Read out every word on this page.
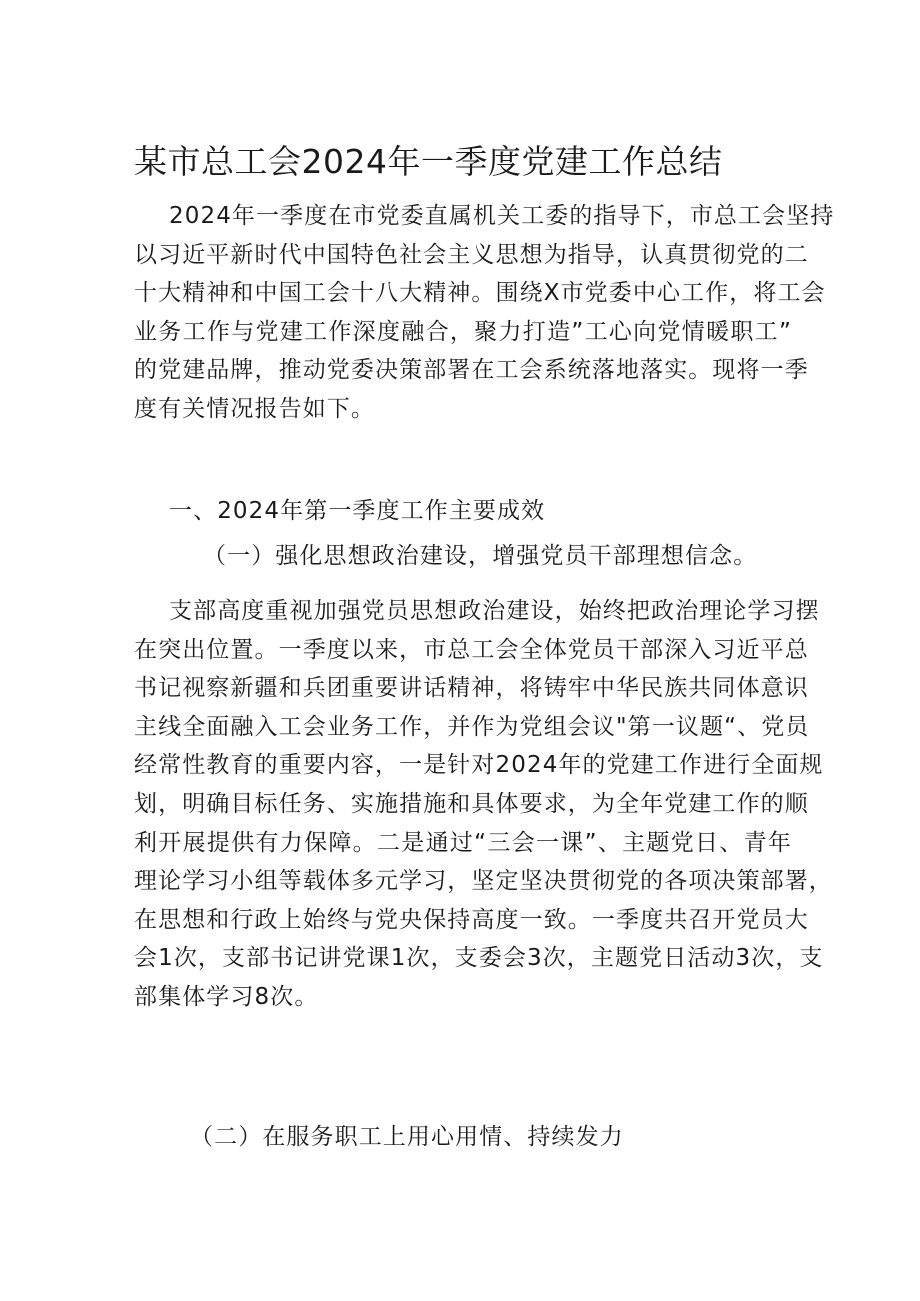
某市总工会2024年一季度党建工作总结
2024年一季度在市党委直属机关工委的指导下，市总工会坚持
以习近平新时代中国特色社会主义思想为指导，认真贯彻党的二
十大精神和中国工会十八大精神。围绕X市党委中心工作，将工会
业务工作与党建工作深度融合，聚力打造”工心向党情暖职工”
的党建品牌，推动党委决策部署在工会系统落地落实。现将一季
度有关情况报告如下。
一、2024年第一季度工作主要成效
（一）强化思想政治建设，增强党员干部理想信念。
支部高度重视加强党员思想政治建设，始终把政治理论学习摆
在突出位置。一季度以来，市总工会全体党员干部深入习近平总
书记视察新疆和兵团重要讲话精神，将铸牢中华民族共同体意识
主线全面融入工会业务工作，并作为党组会议"第一议题“、党员
经常性教育的重要内容，一是针对2024年的党建工作进行全面规
划，明确目标任务、实施措施和具体要求，为全年党建工作的顺
利开展提供有力保障。二是通过“三会一课”、主题党日、青年
理论学习小组等载体多元学习，坚定坚决贯彻党的各项决策部署，
在思想和行政上始终与党央保持高度一致。一季度共召开党员大
会1次，支部书记讲党课1次，支委会3次，主题党日活动3次，支
部集体学习8次。
（二）在服务职工上用心用情、持续发力
